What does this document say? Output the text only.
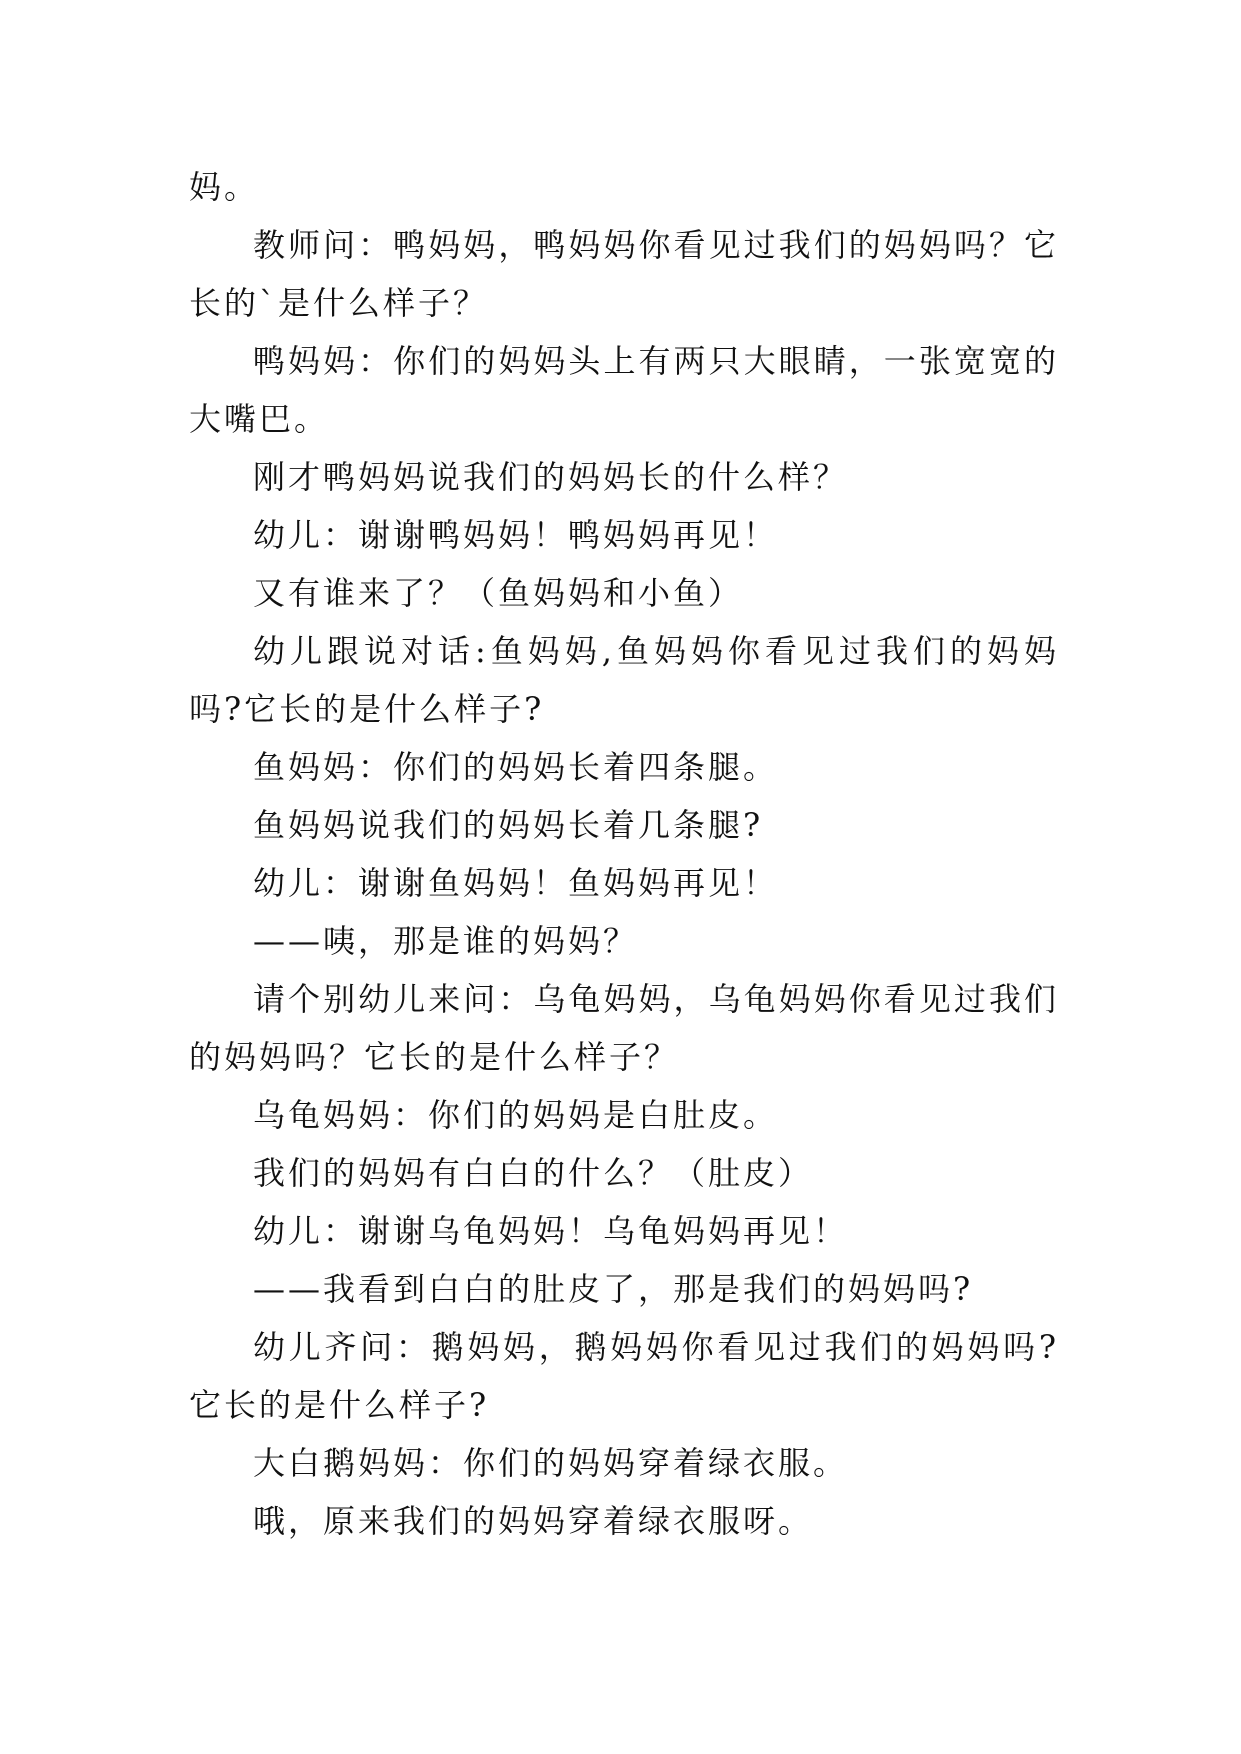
妈。

教师问：鸭妈妈，鸭妈妈你看见过我们的妈妈吗？它长的`是什么样子？

鸭妈妈：你们的妈妈头上有两只大眼睛，一张宽宽的大嘴巴。

刚才鸭妈妈说我们的妈妈长的什么样？

幼儿：谢谢鸭妈妈！鸭妈妈再见！

又有谁来了？（鱼妈妈和小鱼）

幼儿跟说对话:鱼妈妈,鱼妈妈你看见过我们的妈妈吗?它长的是什么样子?

鱼妈妈：你们的妈妈长着四条腿。

鱼妈妈说我们的妈妈长着几条腿?

幼儿：谢谢鱼妈妈！鱼妈妈再见！

——咦，那是谁的妈妈？

请个别幼儿来问：乌龟妈妈，乌龟妈妈你看见过我们的妈妈吗？它长的是什么样子？

乌龟妈妈：你们的妈妈是白肚皮。

我们的妈妈有白白的什么？（肚皮）

幼儿：谢谢乌龟妈妈！乌龟妈妈再见！

——我看到白白的肚皮了，那是我们的妈妈吗?

幼儿齐问：鹅妈妈，鹅妈妈你看见过我们的妈妈吗?它长的是什么样子?

大白鹅妈妈：你们的妈妈穿着绿衣服。

哦，原来我们的妈妈穿着绿衣服呀。
